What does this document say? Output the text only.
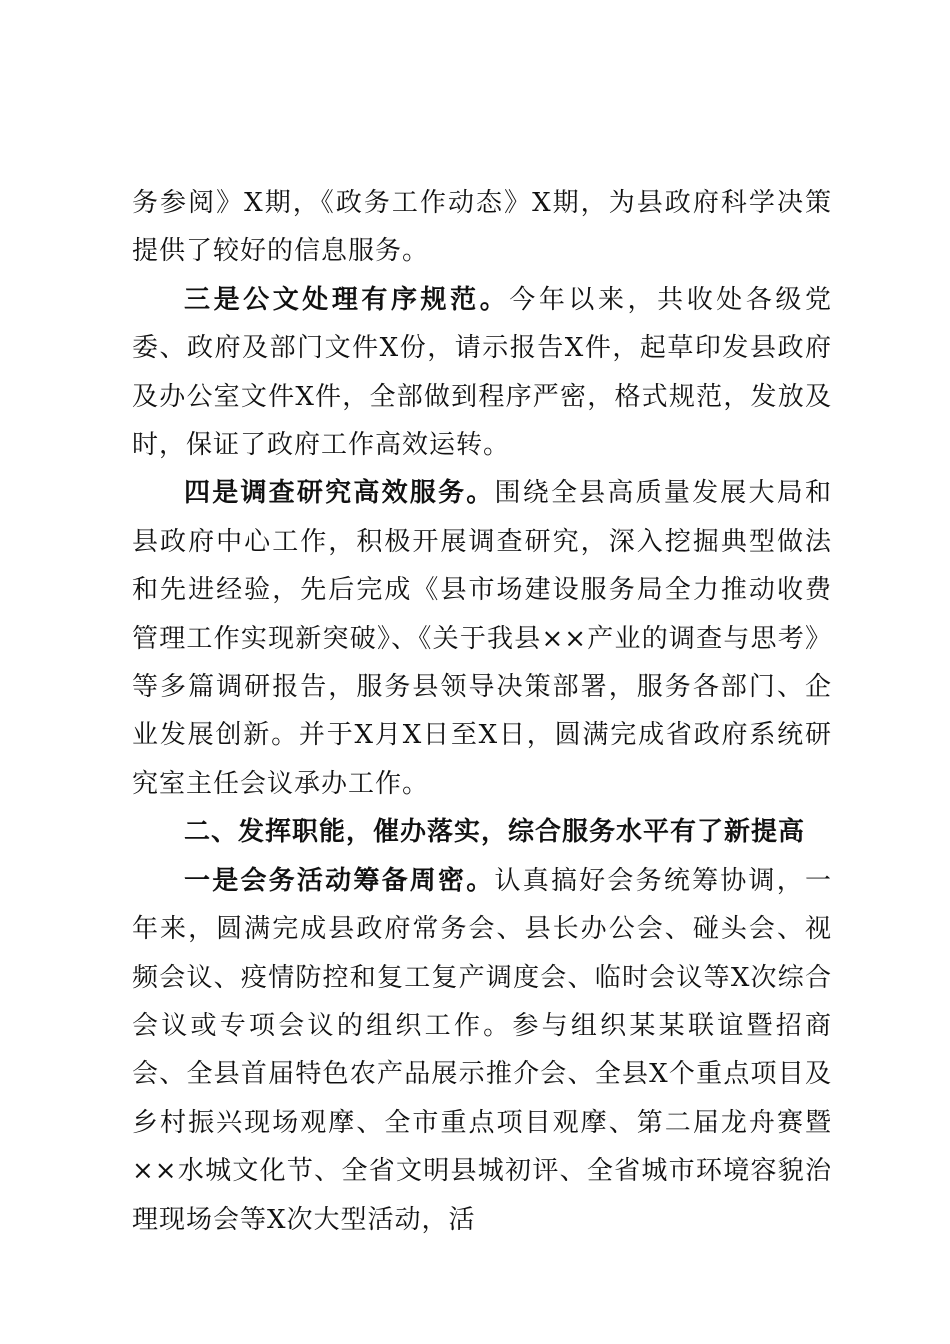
务参阅》X期，《政务工作动态》X期，为县政府科学决策提供了较好的信息服务。

三是公文处理有序规范。今年以来，共收处各级党委、政府及部门文件X份，请示报告X件，起草印发县政府及办公室文件X件，全部做到程序严密，格式规范，发放及时，保证了政府工作高效运转。

四是调查研究高效服务。围绕全县高质量发展大局和县政府中心工作，积极开展调查研究，深入挖掘典型做法和先进经验，先后完成《县市场建设服务局全力推动收费管理工作实现新突破》、《关于我县××产业的调查与思考》等多篇调研报告，服务县领导决策部署，服务各部门、企业发展创新。并于X月X日至X日，圆满完成省政府系统研究室主任会议承办工作。

二、发挥职能，催办落实，综合服务水平有了新提高

一是会务活动筹备周密。认真搞好会务统筹协调，一年来，圆满完成县政府常务会、县长办公会、碰头会、视频会议、疫情防控和复工复产调度会、临时会议等X次综合会议或专项会议的组织工作。参与组织某某联谊暨招商会、全县首届特色农产品展示推介会、全县X个重点项目及乡村振兴现场观摩、全市重点项目观摩、第二届龙舟赛暨××水城文化节、全省文明县城初评、全省城市环境容貌治理现场会等X次大型活动，活
